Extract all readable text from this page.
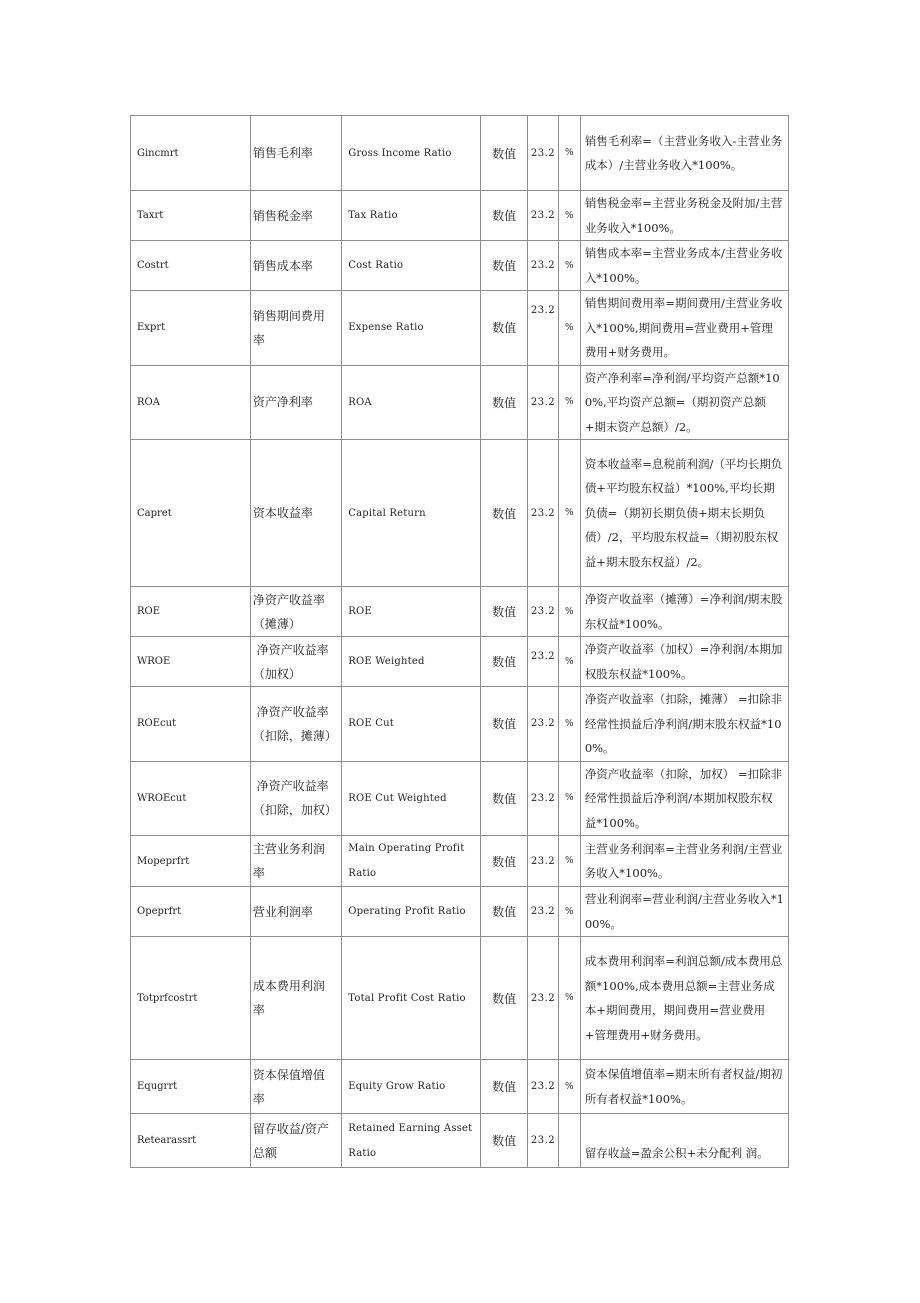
Gincmrt	销售毛利率	Gross Income Ratio	数值	23.2	%	销售毛利率=（主营业务收入-主营业务成本）/主营业务收入*100%。

Taxrt	销售税金率	Tax Ratio	数值	23.2	%	销售税金率=主营业务税金及附加/主营业务收入*100%。

Costrt	销售成本率	Cost Ratio	数值	23.2	%	销售成本率=主营业务成本/主营业务收入*100%。

Exprt	销售期间费用率	Expense Ratio	数值	23.2	%	销售期间费用率=期间费用/主营业务收入*100%,期间费用=营业费用+管理费用+财务费用。

ROA	资产净利率	ROA	数值	23.2	%	资产净利率=净利润/平均资产总额*100%,平均资产总额=（期初资产总额+期末资产总额）/2。

Capret	资本收益率	Capital Return	数值	23.2	%	资本收益率=息税前利润/（平均长期负债+平均股东权益）*100%,平均长期负债=（期初长期负债+期末长期负债）/2，平均股东权益=（期初股东权益+期末股东权益）/2。

ROE	净资产收益率（摊薄）	ROE	数值	23.2	%	净资产收益率（摊薄）=净利润/期末股东权益*100%。

WROE	净资产收益率（加权）	ROE Weighted	数值	23.2	%	净资产收益率（加权）=净利润/本期加权股东权益*100%。

ROEcut	净资产收益率（扣除，摊薄）	ROE Cut	数值	23.2	%	净资产收益率（扣除，摊薄） =扣除非经常性损益后净利润/期末股东权益*100%。

WROEcut	净资产收益率（扣除，加权）	ROE Cut Weighted	数值	23.2	%	净资产收益率（扣除，加权） =扣除非经常性损益后净利润/本期加权股东权益*100%。

Mopeprfrt	主营业务利润率	Main Operating Profit Ratio	数值	23.2	%	主营业务利润率=主营业务利润/主营业务收入*100%。

Opeprfrt	营业利润率	Operating Profit Ratio	数值	23.2	%	营业利润率=营业利润/主营业务收入*100%。

Totprfcostrt	成本费用利润率	Total Profit Cost Ratio	数值	23.2	%	成本费用利润率=利润总额/成本费用总额*100%,成本费用总额=主营业务成本+期间费用，期间费用=营业费用+管理费用+财务费用。

Equgrrt	资本保值增值率	Equity Grow Ratio	数值	23.2	%	资本保值增值率=期末所有者权益/期初所有者权益*100%。

Retearassrt	留存收益/资产总额	Retained Earning Asset Ratio	数值	23.2		留存收益=盈余公积+未分配利 润。
